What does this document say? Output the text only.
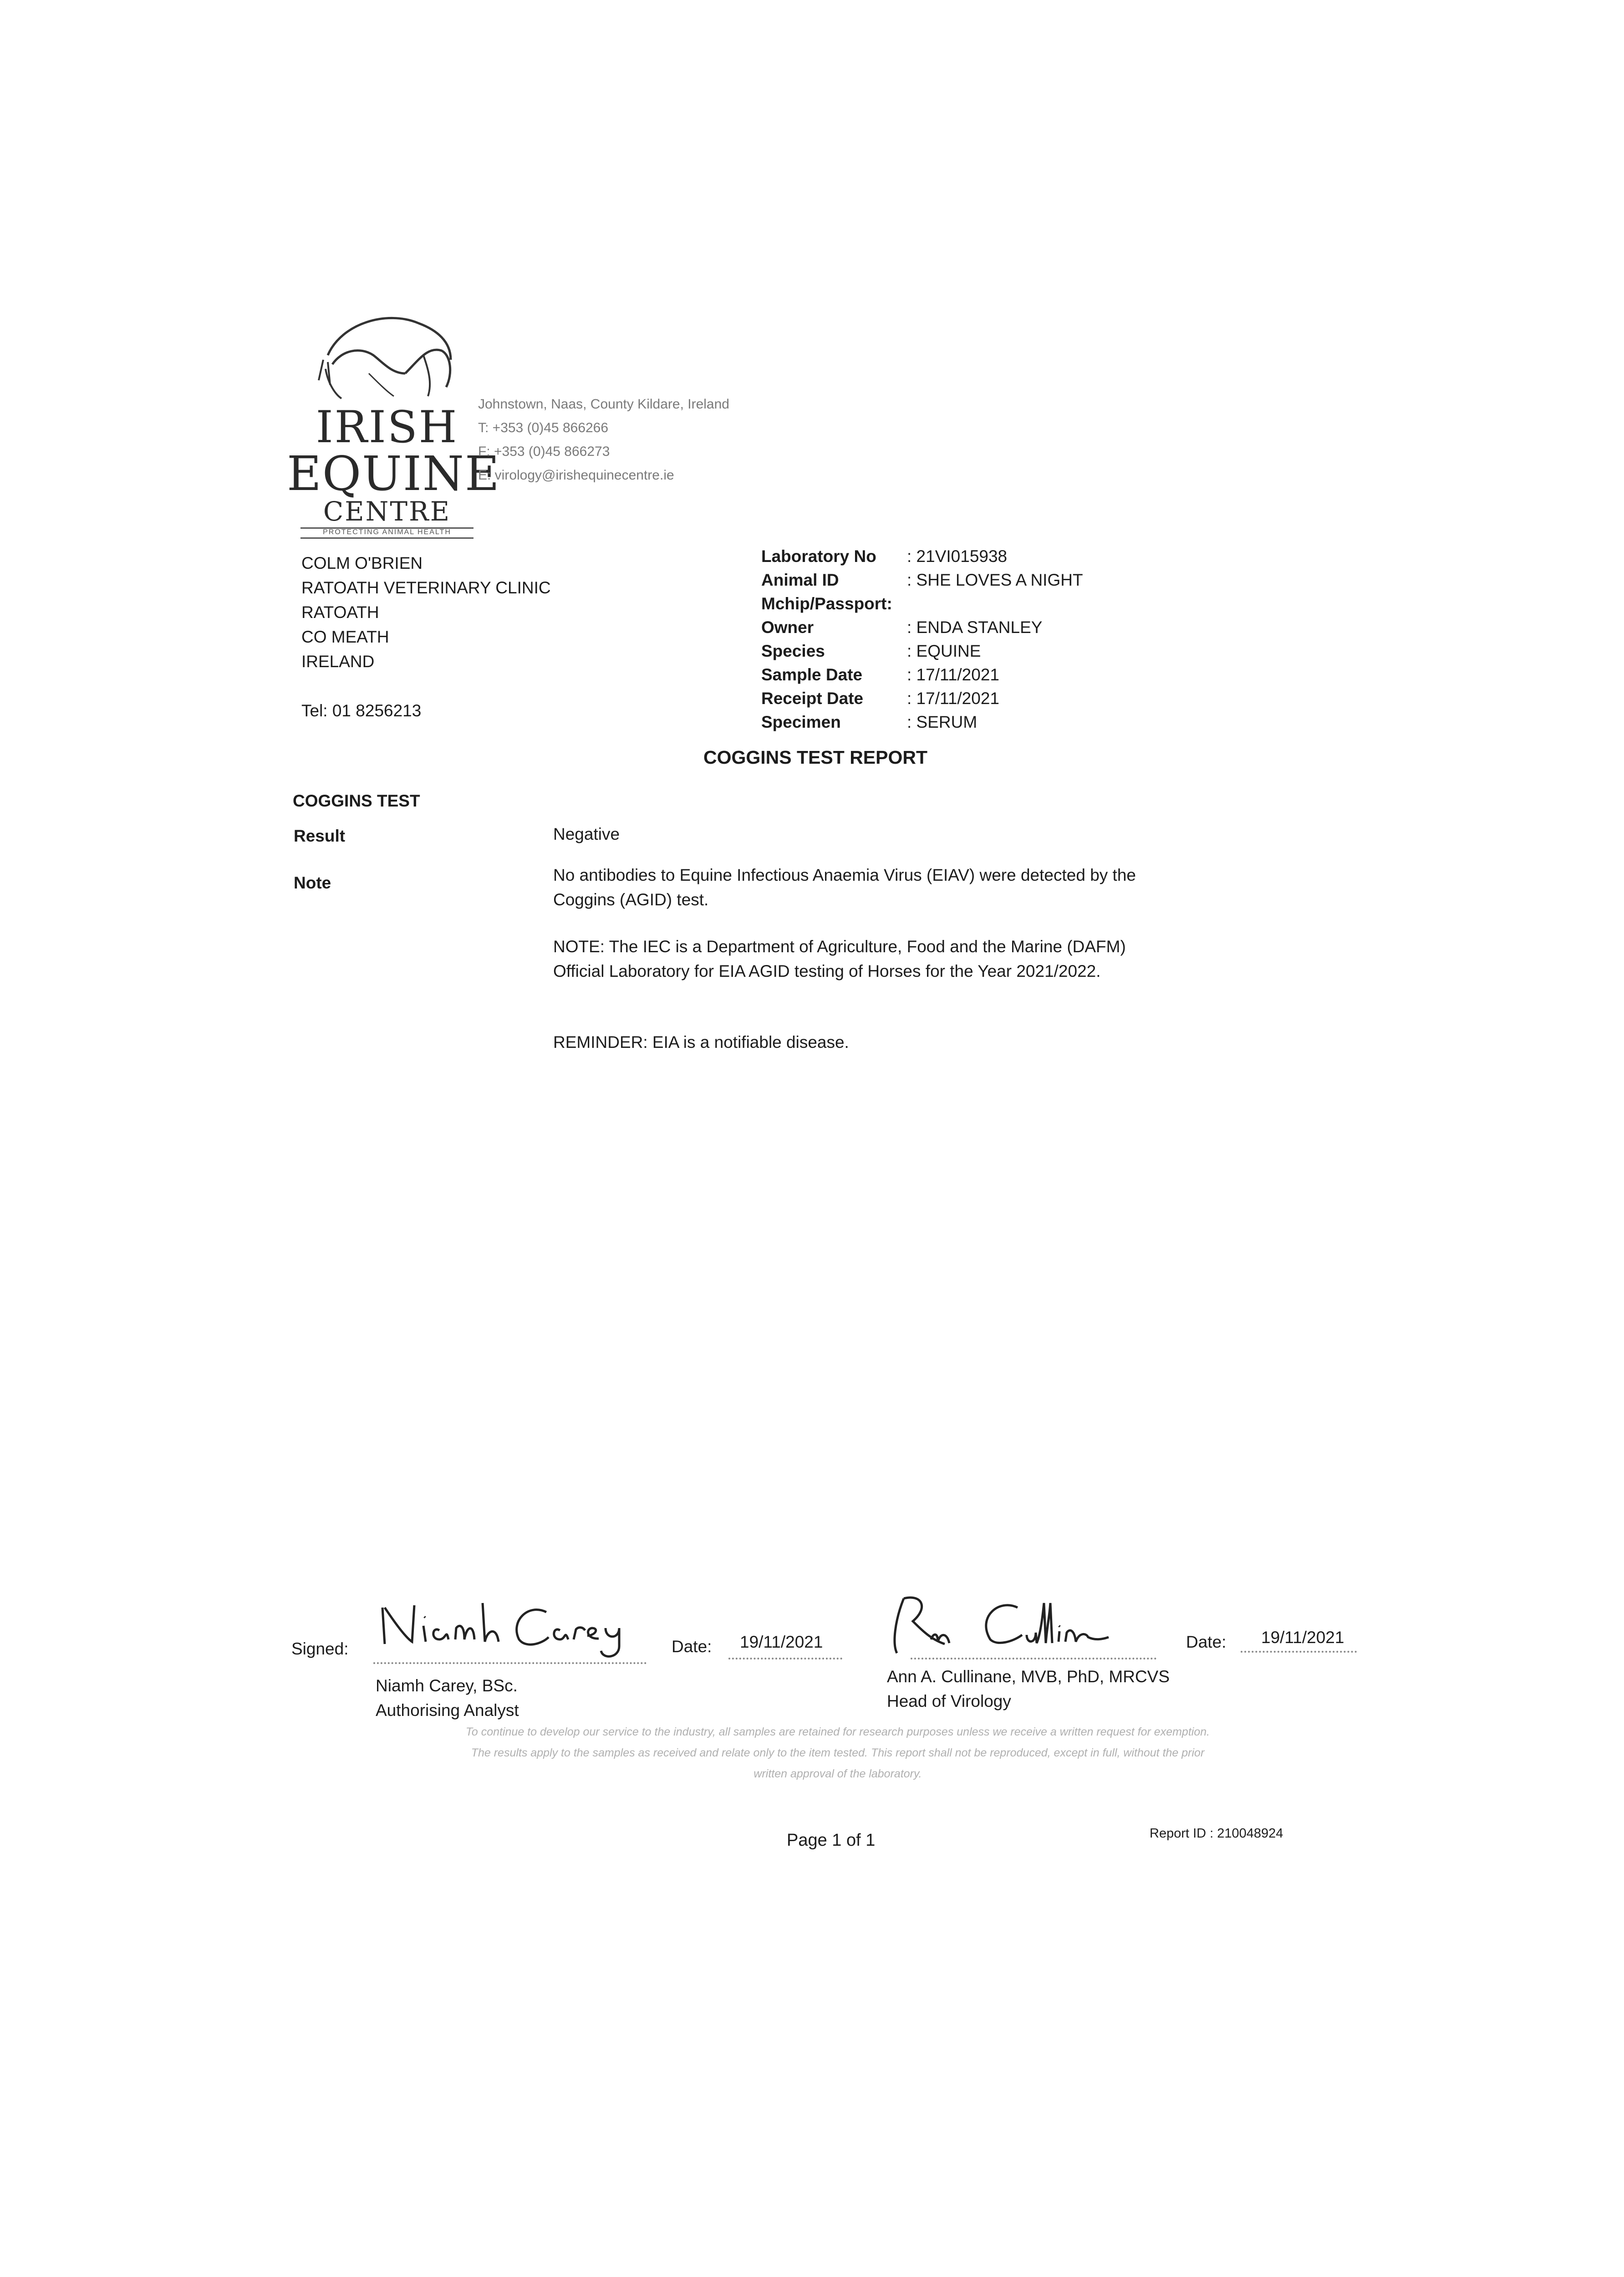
IRISH
EQUINE
CENTRE
PROTECTING ANIMAL HEALTH
Johnstown, Naas, County Kildare, Ireland
T: +353 (0)45 866266
F: +353 (0)45 866273
E: virology@irishequinecentre.ie
COLM O'BRIEN
RATOATH VETERINARY CLINIC
RATOATH
CO MEATH
IRELAND
Tel: 01 8256213
Laboratory No	: 21VI015938
Animal ID	: SHE LOVES A NIGHT
Mchip/Passport:
Owner	: ENDA STANLEY
Species	: EQUINE
Sample Date	: 17/11/2021
Receipt Date	: 17/11/2021
Specimen	: SERUM
COGGINS TEST REPORT
COGGINS TEST
Result	Negative
Note	No antibodies to Equine Infectious Anaemia Virus (EIAV) were detected by the Coggins (AGID) test.
NOTE: The IEC is a Department of Agriculture, Food and the Marine (DAFM) Official Laboratory for EIA AGID testing of Horses for the Year 2021/2022.
REMINDER: EIA is a notifiable disease.
Signed:	Date: 19/11/2021
Niamh Carey, BSc.
Authorising Analyst
Date: 19/11/2021
Ann A. Cullinane, MVB, PhD, MRCVS
Head of Virology
To continue to develop our service to the industry, all samples are retained for research purposes unless we receive a written request for exemption.
The results apply to the samples as received and relate only to the item tested. This report shall not be reproduced, except in full, without the prior
written approval of the laboratory.
Page 1 of 1	Report ID : 210048924
